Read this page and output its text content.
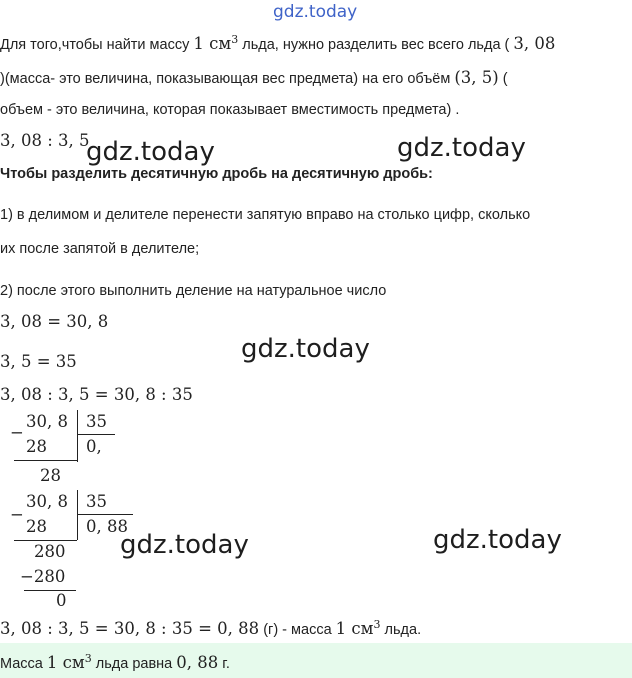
gdz.today
Для того,чтобы найти массу 1 $см^3$ льда, нужно разделить вес всего льда ( 3, 08
)(масса- это величина, показывающая вес предмета) на его объём (3, 5) (
объем - это величина, которая показывает вместимость предмета) .
3, 08 : 3, 5
Чтобы разделить десятичную дробь на десятичную дробь:
1) в делимом и делителе перенести запятую вправо на столько цифр, сколько
их после запятой в делителе;
2) после этого выполнить деление на натуральное число
3, 08 = 30, 8
3, 5 = 35
3, 08 : 3, 5 = 30, 8 : 35
−
30, 8 35
28 0,
28
−
30, 8 35
28 0, 88
280
−280
0
3, 08 : 3, 5 = 30, 8 : 35 = 0, 88 (г) - масса 1 $см^3$ льда.
Масса 1 $см^3$ льда равна 0, 88 г.
gdz.today	gdz.today
gdz.today
gdz.today	gdz.today
